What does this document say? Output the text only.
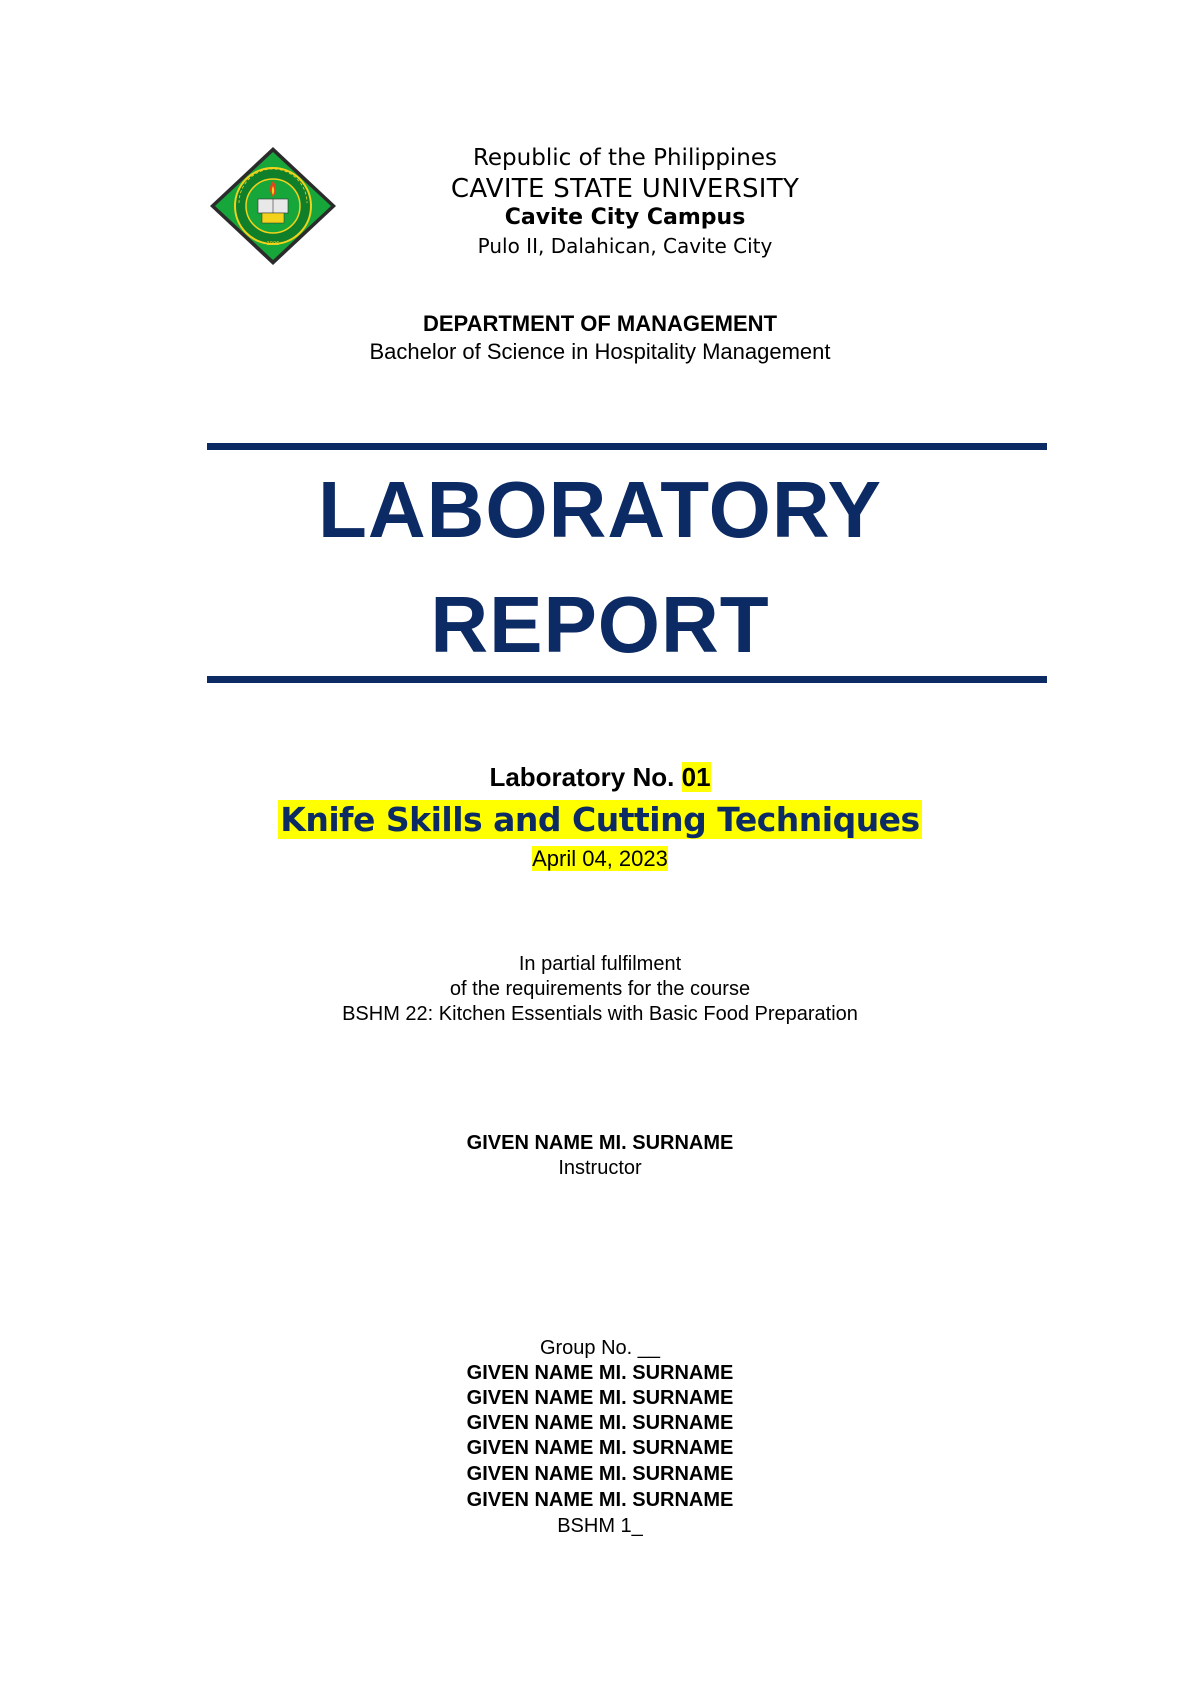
1906
Republic of the Philippines
CAVITE STATE UNIVERSITY
Cavite City Campus
Pulo II, Dalahican, Cavite City
DEPARTMENT OF MANAGEMENT
Bachelor of Science in Hospitality Management
LABORATORY
REPORT
Laboratory No. 01
Knife Skills and Cutting Techniques
April 04, 2023
In partial fulfilment
of the requirements for the course
BSHM 22: Kitchen Essentials with Basic Food Preparation
GIVEN NAME MI. SURNAME
Instructor
Group No. __
GIVEN NAME MI. SURNAME
GIVEN NAME MI. SURNAME
GIVEN NAME MI. SURNAME
GIVEN NAME MI. SURNAME
GIVEN NAME MI. SURNAME
GIVEN NAME MI. SURNAME
BSHM 1_
